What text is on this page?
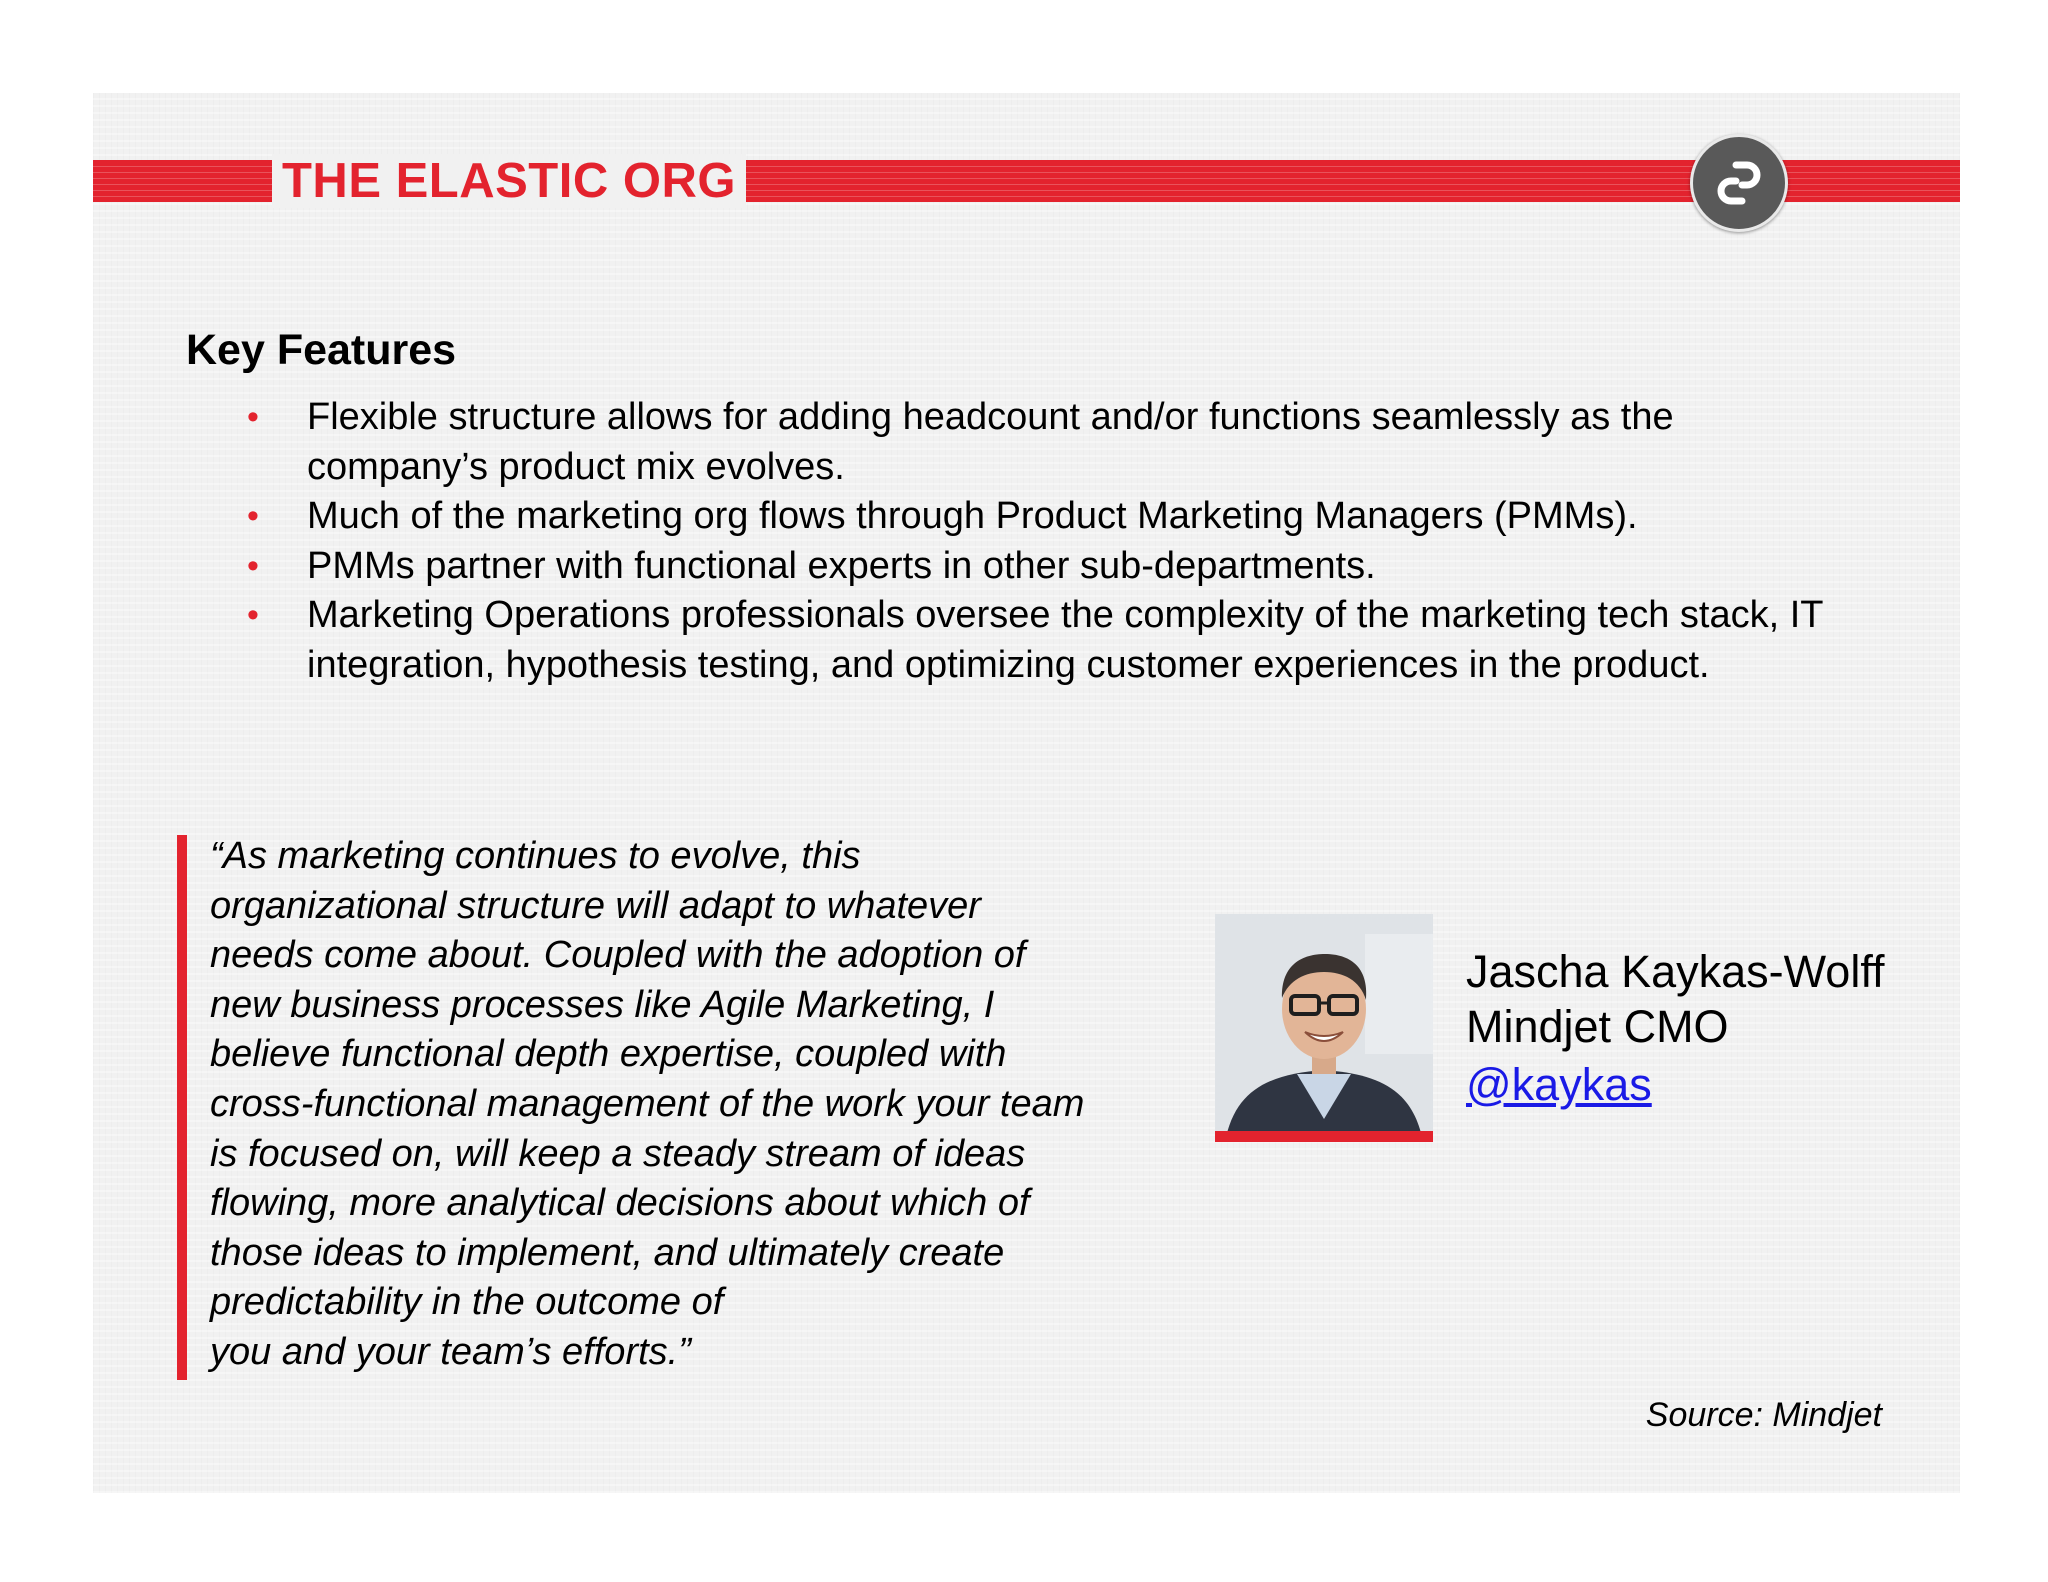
THE ELASTIC ORG
Key Features
• Flexible structure allows for adding headcount and/or functions seamlessly as the company’s product mix evolves.
• Much of the marketing org flows through Product Marketing Managers (PMMs).
• PMMs partner with functional experts in other sub-departments.
• Marketing Operations professionals oversee the complexity of the marketing tech stack, IT integration, hypothesis testing, and optimizing customer experiences in the product.
“As marketing continues to evolve, this
organizational structure will adapt to whatever
needs come about. Coupled with the adoption of
new business processes like Agile Marketing, I
believe functional depth expertise, coupled with
cross-functional management of the work your team
is focused on, will keep a steady stream of ideas
flowing, more analytical decisions about which of
those ideas to implement, and ultimately create
predictability in the outcome of
you and your team’s efforts.”
Jascha Kaykas-Wolff
Mindjet CMO
@kaykas
Source: Mindjet
